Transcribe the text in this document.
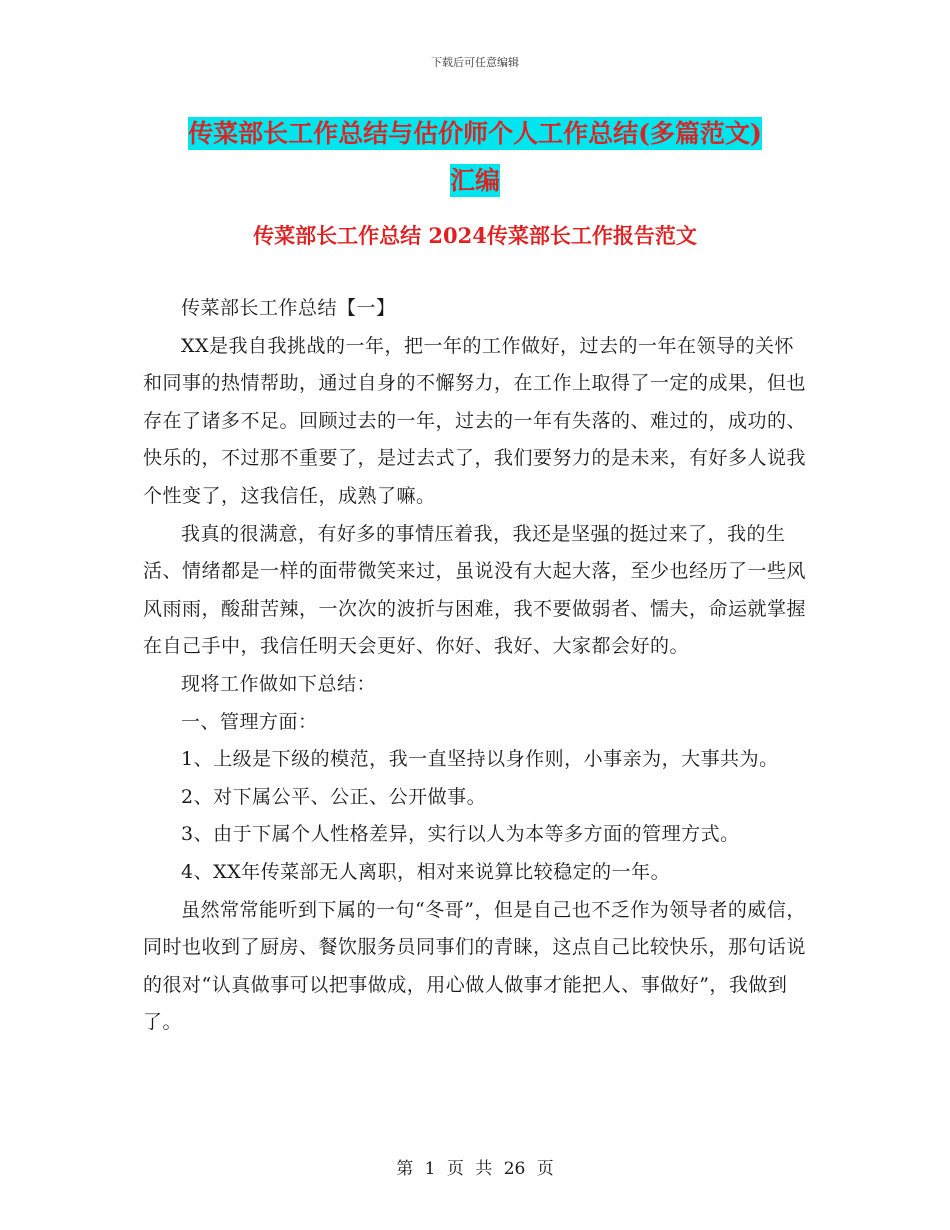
下载后可任意编辑
传菜部长工作总结与估价师个人工作总结(多篇范文)
汇编
传菜部长工作总结 2024传菜部长工作报告范文

传菜部长工作总结【一】

XX是我自我挑战的一年，把一年的工作做好，过去的一年在领导的关怀和同事的热情帮助，通过自身的不懈努力，在工作上取得了一定的成果，但也存在了诸多不足。回顾过去的一年，过去的一年有失落的、难过的，成功的、快乐的，不过那不重要了，是过去式了，我们要努力的是未来，有好多人说我个性变了，这我信任，成熟了嘛。

我真的很满意，有好多的事情压着我，我还是坚强的挺过来了，我的生活、情绪都是一样的面带微笑来过，虽说没有大起大落，至少也经历了一些风风雨雨，酸甜苦辣，一次次的波折与困难，我不要做弱者、懦夫，命运就掌握在自己手中，我信任明天会更好、你好、我好、大家都会好的。

现将工作做如下总结：

一、管理方面：

1、上级是下级的模范，我一直坚持以身作则，小事亲为，大事共为。

2、对下属公平、公正、公开做事。

3、由于下属个人性格差异，实行以人为本等多方面的管理方式。

4、XX年传菜部无人离职，相对来说算比较稳定的一年。

虽然常常能听到下属的一句“冬哥”，但是自己也不乏作为领导者的威信，同时也收到了厨房、餐饮服务员同事们的青睐，这点自己比较快乐，那句话说的很对“认真做事可以把事做成，用心做人做事才能把人、事做好”，我做到了。

第 1 页 共 26 页
